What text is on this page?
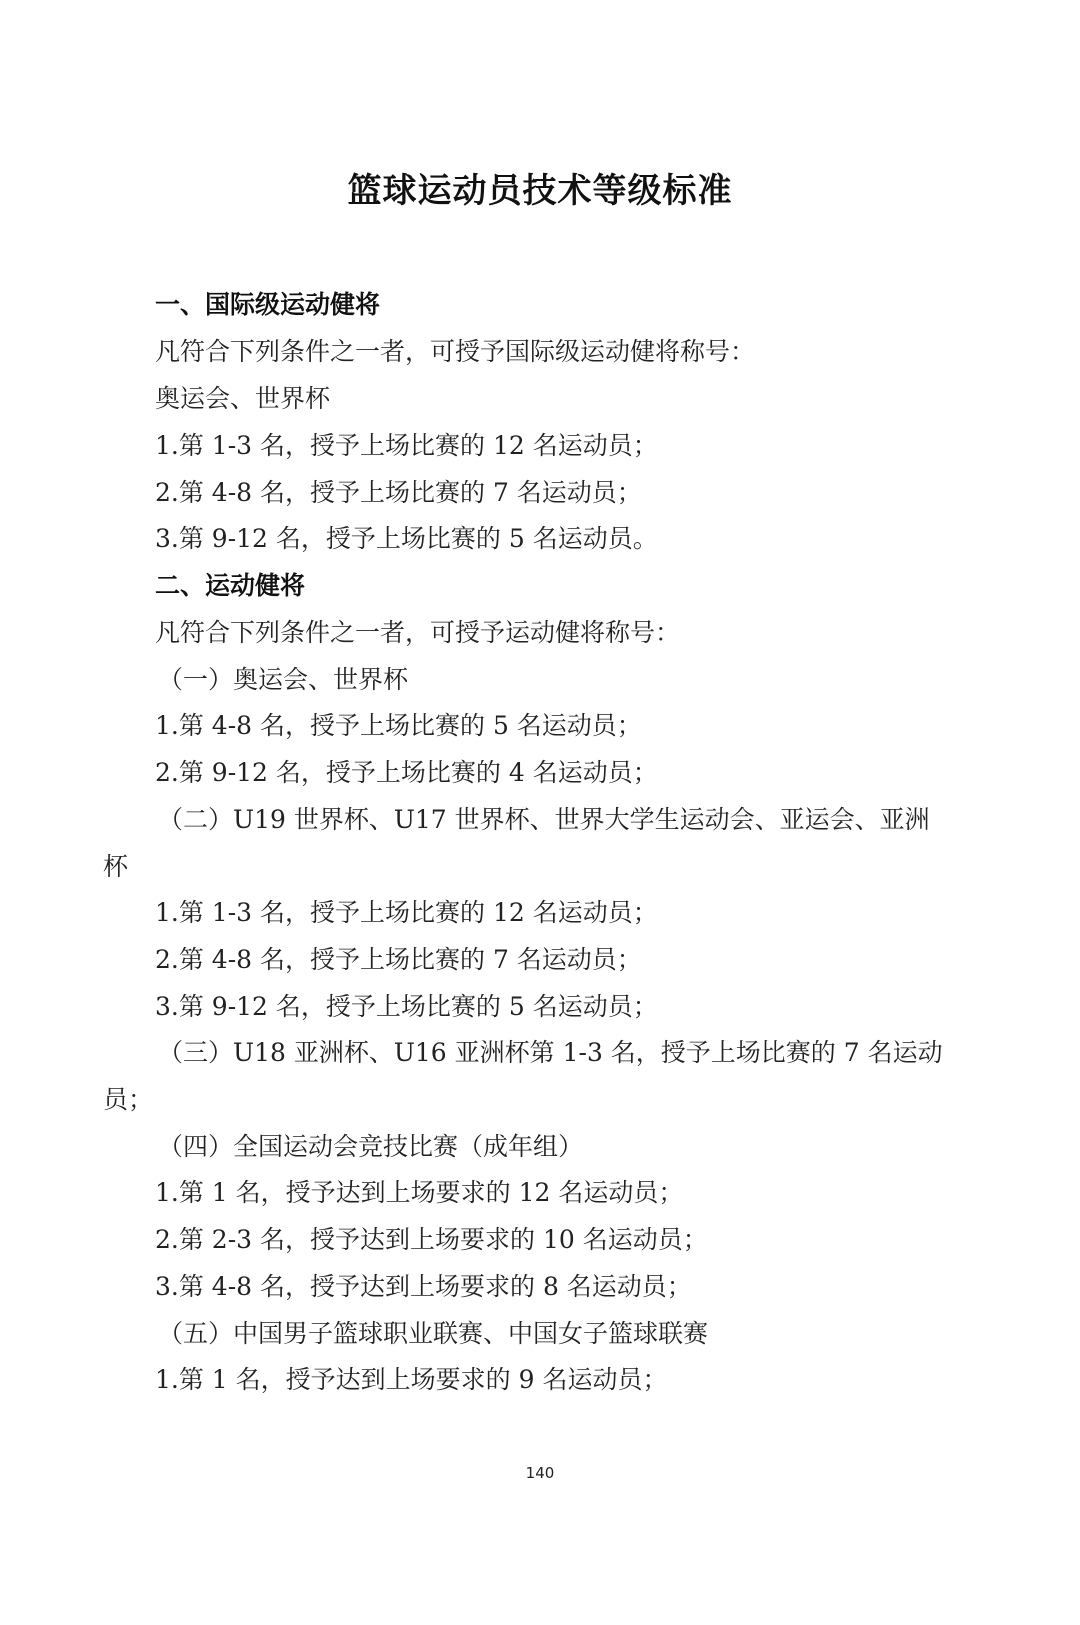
篮球运动员技术等级标准
一、国际级运动健将
凡符合下列条件之一者，可授予国际级运动健将称号：
奥运会、世界杯
1.第 1-3 名，授予上场比赛的 12 名运动员；
2.第 4-8 名，授予上场比赛的 7 名运动员；
3.第 9-12 名，授予上场比赛的 5 名运动员。
二、运动健将
凡符合下列条件之一者，可授予运动健将称号：
（一）奥运会、世界杯
1.第 4-8 名，授予上场比赛的 5 名运动员；
2.第 9-12 名，授予上场比赛的 4 名运动员；
（二）U19 世界杯、U17 世界杯、世界大学生运动会、亚运会、亚洲
杯
1.第 1-3 名，授予上场比赛的 12 名运动员；
2.第 4-8 名，授予上场比赛的 7 名运动员；
3.第 9-12 名，授予上场比赛的 5 名运动员；
（三）U18 亚洲杯、U16 亚洲杯第 1-3 名，授予上场比赛的 7 名运动
员；
（四）全国运动会竞技比赛（成年组）
1.第 1 名，授予达到上场要求的 12 名运动员；
2.第 2-3 名，授予达到上场要求的 10 名运动员；
3.第 4-8 名，授予达到上场要求的 8 名运动员；
（五）中国男子篮球职业联赛、中国女子篮球联赛
1.第 1 名，授予达到上场要求的 9 名运动员；
140
